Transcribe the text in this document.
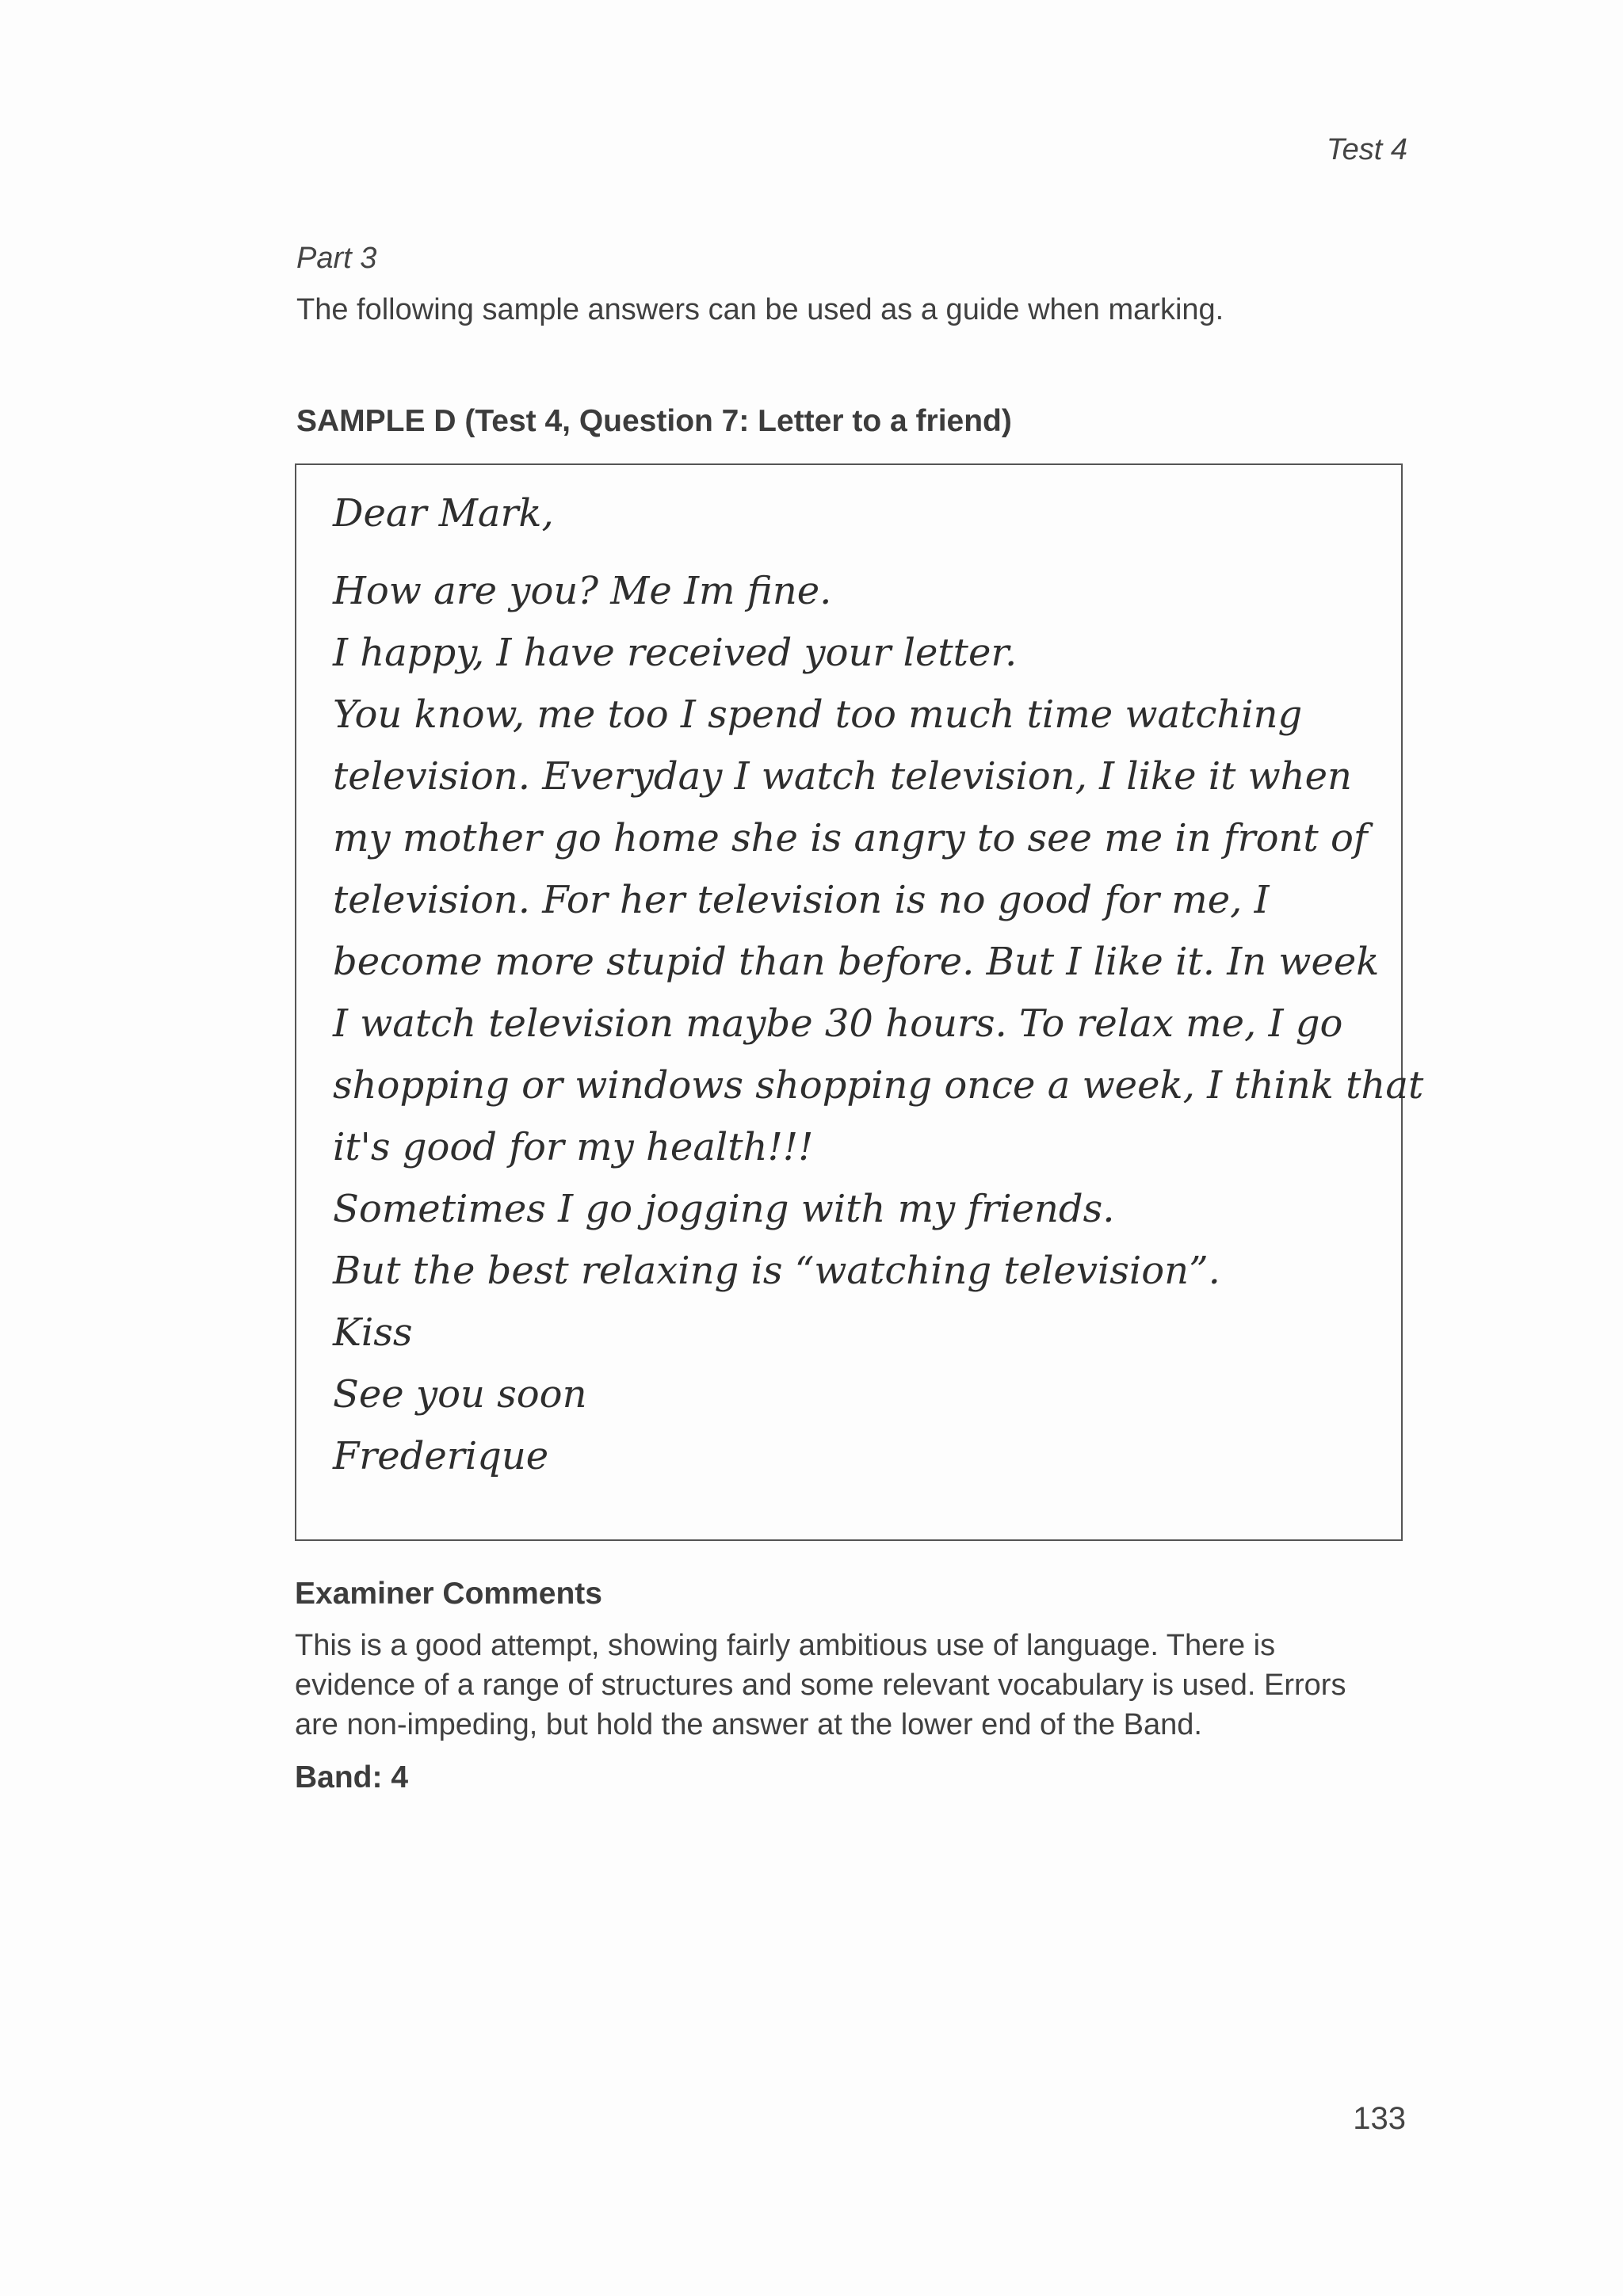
Test 4
Part 3
The following sample answers can be used as a guide when marking.
SAMPLE D (Test 4, Question 7: Letter to a friend)
Dear Mark,
How are you? Me Im fine.
I happy, I have received your letter.
You know, me too I spend too much time watching
television. Everyday I watch television, I like it when
my mother go home she is angry to see me in front of
television. For her television is no good for me, I
become more stupid than before. But I like it. In week
I watch television maybe 30 hours. To relax me, I go
shopping or windows shopping once a week, I think that
it's good for my health!!!
Sometimes I go jogging with my friends.
But the best relaxing is “watching television”.
Kiss
See you soon
Frederique
Examiner Comments
This is a good attempt, showing fairly ambitious use of language. There is
evidence of a range of structures and some relevant vocabulary is used. Errors
are non-impeding, but hold the answer at the lower end of the Band.
Band: 4
133
